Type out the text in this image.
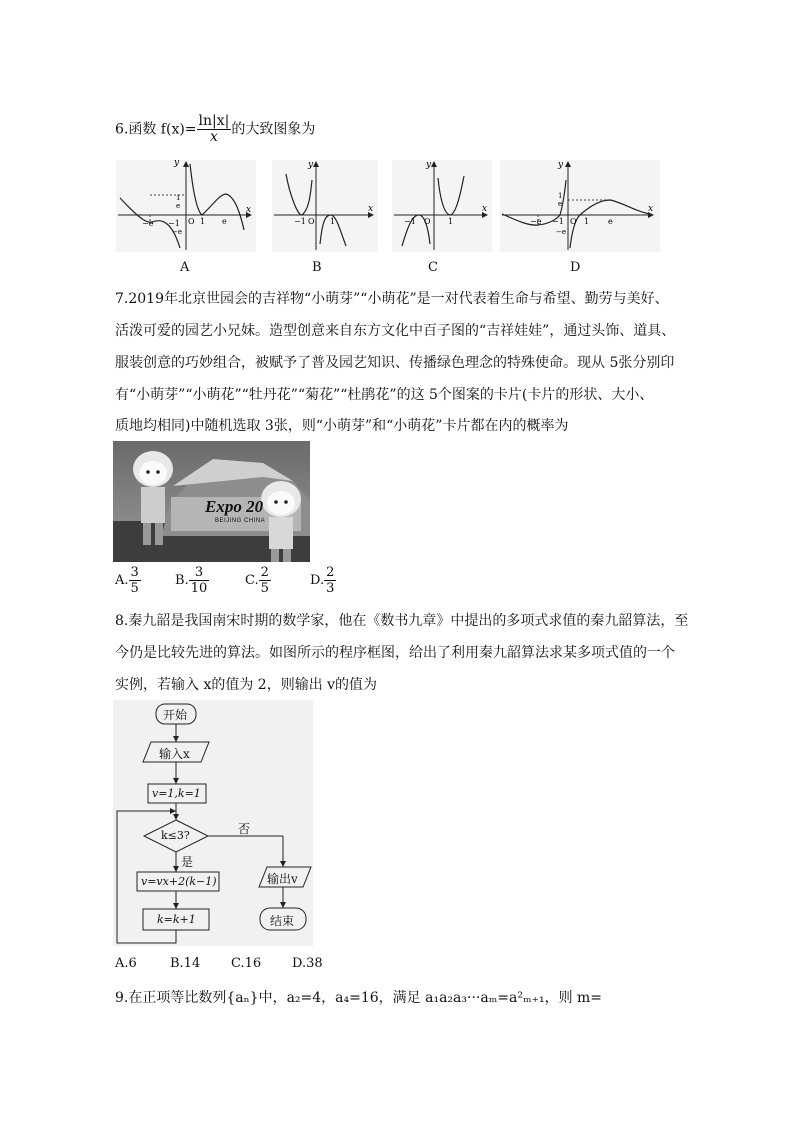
6.函数 $f(x)= \frac{\ln|x|}{x}$ 的大致图象为
y
x
1
e
−e −1
−e
O 1 e
A
y
x
−1 O 1
B
y
x
−1 O 1
C
y
x
1
e
−e −1
−e
O 1 e
D
7.2019年北京世园会的吉祥物“小萌芽”“小萌花”是一对代表着生命与希望、勤劳与美好、
活泼可爱的园艺小兄妹。造型创意来自东方文化中百子图的“吉祥娃娃”，通过头饰、道具、
服装创意的巧妙组合，被赋予了普及园艺知识、传播绿色理念的特殊使命。现从 5张分别印
有“小萌芽”“小萌花”“牡丹花”“菊花”“杜鹃花”的这 5个图案的卡片(卡片的形状、大小、
质地均相同)中随机选取 3张，则“小萌芽”和“小萌花”卡片都在内的概率为
Expo 20
BEIJING CHINA
A. $\frac{3}{5}$	B. $\frac{3}{10}$	C. $\frac{2}{5}$	D. $\frac{2}{3}$
8.秦九韶是我国南宋时期的数学家，他在《数书九章》中提出的多项式求值的秦九韶算法，至
今仍是比较先进的算法。如图所示的程序框图，给出了利用秦九韶算法求某多项式值的一个
实例，若输入 x的值为 2，则输出 v的值为
开始
输入x
v=1,k=1
k≤3?	否
是
v=vx+2(k−1)
k=k+1
输出v
结束
A.6	B.14 C.16 D.38
9.在正项等比数列{aₙ}中，a₂=4，a₄=16，满足 a₁a₂a₃···aₘ=a²ₘ₊₁，则 m=
